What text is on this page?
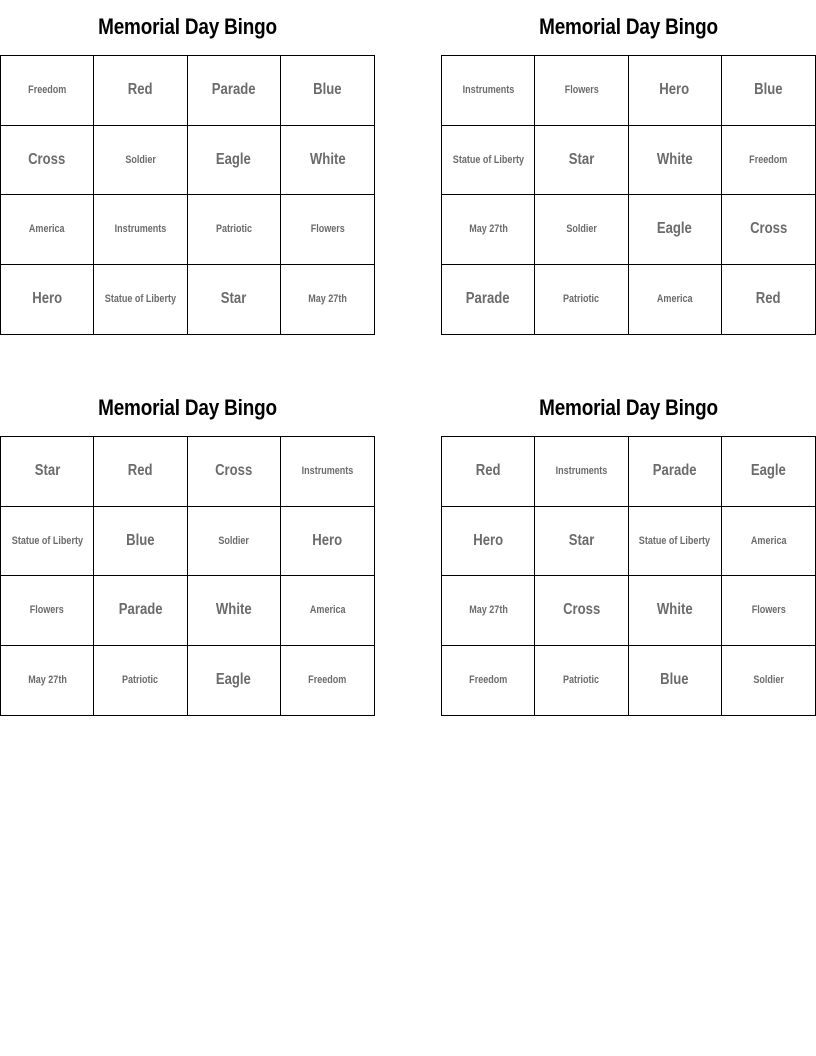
Memorial Day Bingo
Freedom	Red	Parade	Blue
Cross	Soldier	Eagle	White
America	Instruments	Patriotic	Flowers
Hero	Statue of Liberty	Star	May 27th
Memorial Day Bingo
Instruments	Flowers	Hero	Blue
Statue of Liberty	Star	White	Freedom
May 27th	Soldier	Eagle	Cross
Parade	Patriotic	America	Red
Memorial Day Bingo
Star	Red	Cross	Instruments
Statue of Liberty	Blue	Soldier	Hero
Flowers	Parade	White	America
May 27th	Patriotic	Eagle	Freedom
Memorial Day Bingo
Red	Instruments	Parade	Eagle
Hero	Star	Statue of Liberty	America
May 27th	Cross	White	Flowers
Freedom	Patriotic	Blue	Soldier
